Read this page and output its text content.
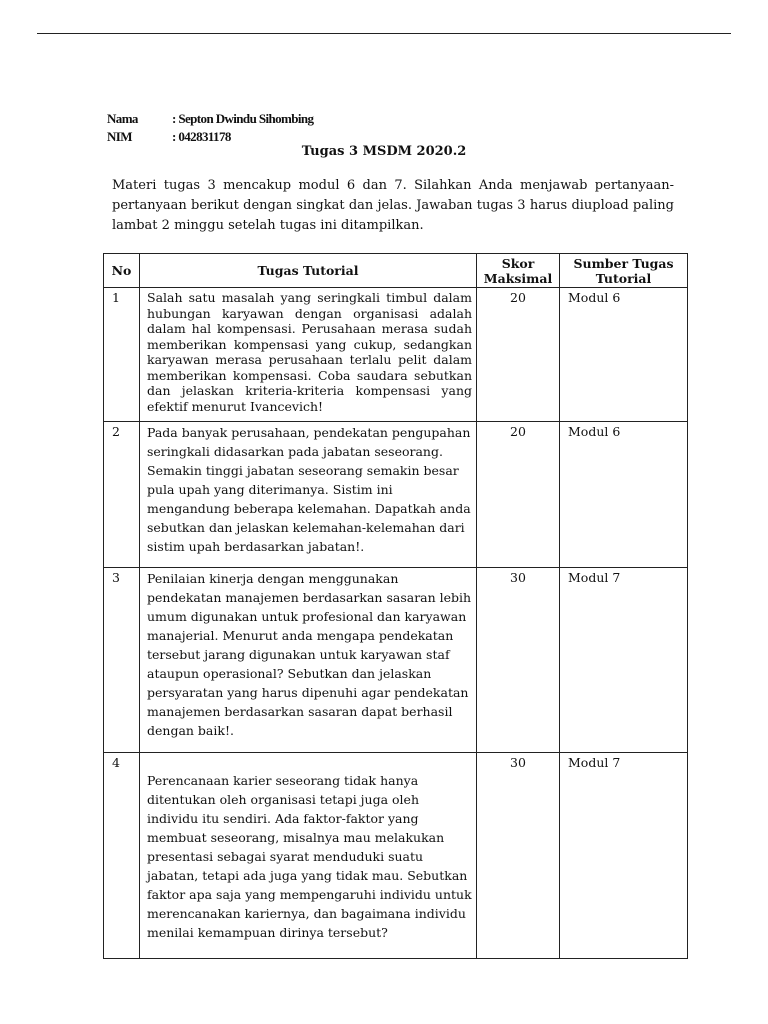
Nama	: Septon Dwindu Sihombing
NIM	: 042831178
Tugas 3 MSDM 2020.2
Materi tugas 3 mencakup modul 6 dan 7. Silahkan Anda menjawab pertanyaan-pertanyaan berikut dengan singkat dan jelas. Jawaban tugas 3 harus diupload paling lambat 2 minggu setelah tugas ini ditampilkan.
No	Tugas Tutorial	Skor Maksimal	Sumber Tugas Tutorial
1	Salah satu masalah yang seringkali timbul dalam hubungan karyawan dengan organisasi adalah dalam hal kompensasi. Perusahaan merasa sudah memberikan kompensasi yang cukup, sedangkan karyawan merasa perusahaan terlalu pelit dalam memberikan kompensasi. Coba saudara sebutkan dan jelaskan kriteria-kriteria kompensasi yang efektif menurut Ivancevich!	20	Modul 6
2	Pada banyak perusahaan, pendekatan pengupahan seringkali didasarkan pada jabatan seseorang. Semakin tinggi jabatan seseorang semakin besar pula upah yang diterimanya. Sistim ini mengandung beberapa kelemahan. Dapatkah anda sebutkan dan jelaskan kelemahan-kelemahan dari sistim upah berdasarkan jabatan!.	20	Modul 6
3	Penilaian kinerja dengan menggunakan pendekatan manajemen berdasarkan sasaran lebih umum digunakan untuk profesional dan karyawan manajerial. Menurut anda mengapa pendekatan tersebut jarang digunakan untuk karyawan staf ataupun operasional? Sebutkan dan jelaskan persyaratan yang harus dipenuhi agar pendekatan manajemen berdasarkan sasaran dapat berhasil dengan baik!.	30	Modul 7
4	Perencanaan karier seseorang tidak hanya ditentukan oleh organisasi tetapi juga oleh individu itu sendiri. Ada faktor-faktor yang membuat seseorang, misalnya mau melakukan presentasi sebagai syarat menduduki suatu jabatan, tetapi ada juga yang tidak mau. Sebutkan faktor apa saja yang mempengaruhi individu untuk merencanakan kariernya, dan bagaimana individu menilai kemampuan dirinya tersebut?	30	Modul 7
